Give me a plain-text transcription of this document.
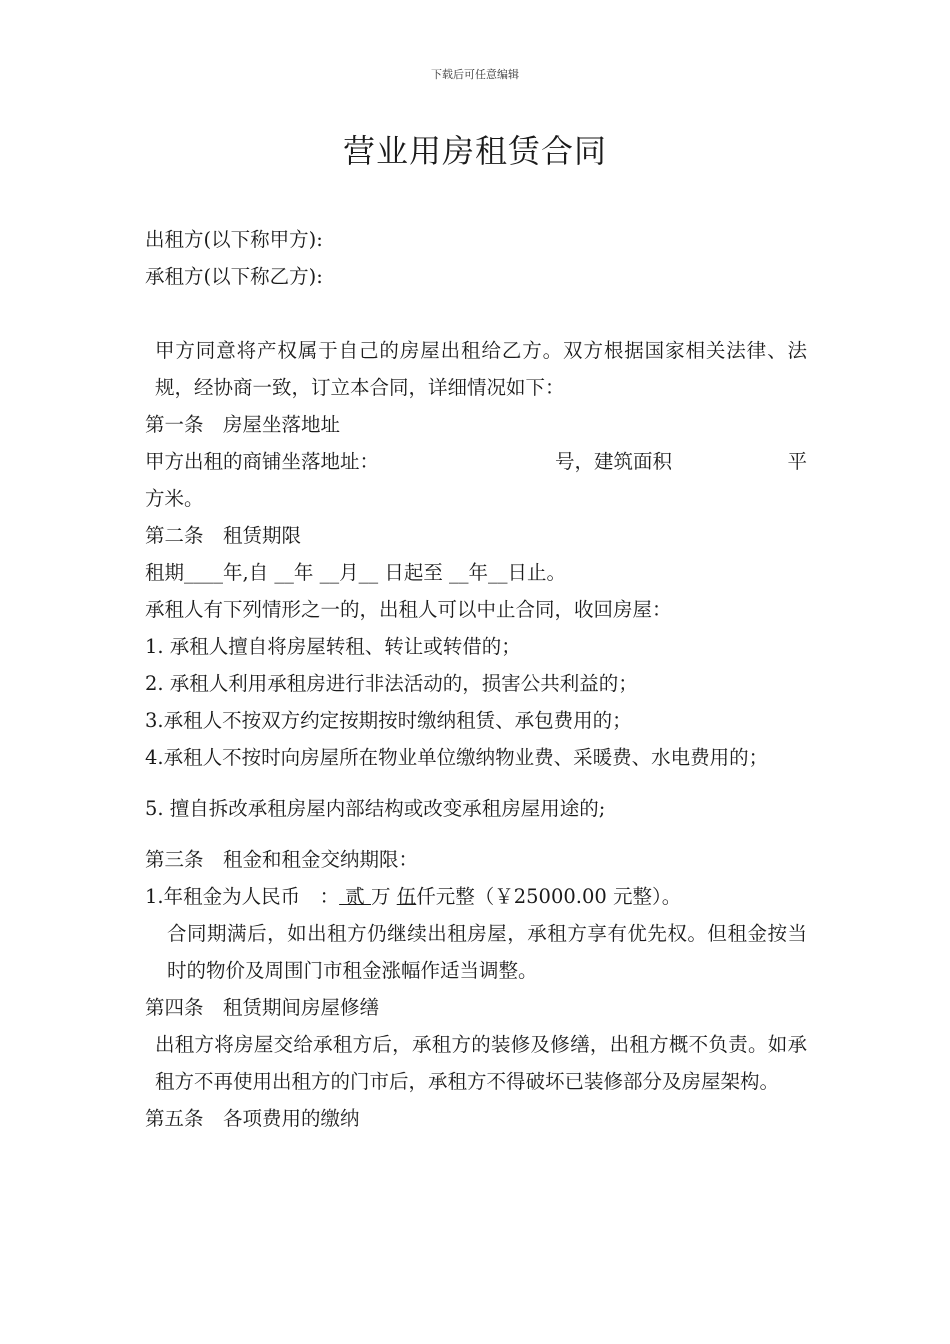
下载后可任意编辑
营业用房租赁合同
出租方(以下称甲方):
承租方(以下称乙方):
甲方同意将产权属于自己的房屋出租给乙方。双方根据国家相关法律、法规，经协商一致，订立本合同，详细情况如下：
第一条　房屋坐落地址
甲方出租的商铺坐落地址：	号，建筑面积	平
方米。
第二条　租赁期限
租期____年,自 __年 __月__ 日起至 __年__日止。
承租人有下列情形之一的，出租人可以中止合同，收回房屋：
1. 承租人擅自将房屋转租、转让或转借的；
2. 承租人利用承租房进行非法活动的，损害公共利益的；
3.承租人不按双方约定按期按时缴纳租赁、承包费用的；
4.承租人不按时向房屋所在物业单位缴纳物业费、采暖费、水电费用的；
5. 擅自拆改承租房屋内部结构或改变承租房屋用途的;
第三条　租金和租金交纳期限：
1.年租金为人民币　： 贰 万 伍仟元整（￥25000.00 元整）。
合同期满后，如出租方仍继续出租房屋，承租方享有优先权。但租金按当时的物价及周围门市租金涨幅作适当调整。
第四条　租赁期间房屋修缮
出租方将房屋交给承租方后，承租方的装修及修缮，出租方概不负责。如承租方不再使用出租方的门市后，承租方不得破坏已装修部分及房屋架构。
第五条　各项费用的缴纳
